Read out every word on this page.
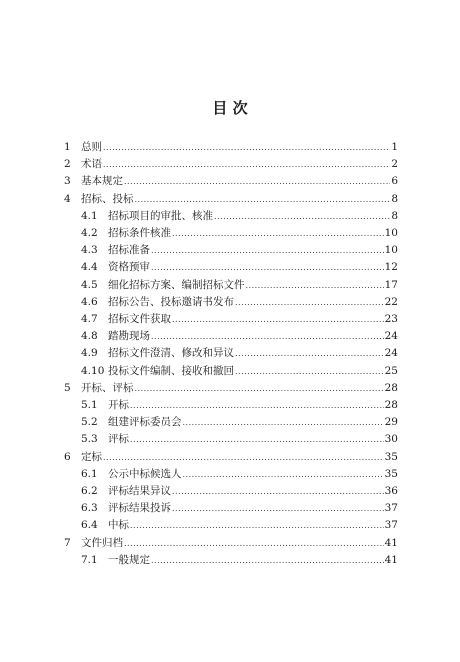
目 次
1 总则 .....	1
2 术语 .....	2
3 基本规定 .....	6
4 招标、投标 .....	8
4.1 招标项目的审批、核准 .....	8
4.2 招标条件核准 .....	10
4.3 招标准备 .....	10
4.4 资格预审 .....	12
4.5 细化招标方案、编制招标文件 .....	17
4.6 招标公告、投标邀请书发布 .....	22
4.7 招标文件获取 .....	23
4.8 踏勘现场 .....	24
4.9 招标文件澄清、修改和异议 .....	24
4.10 投标文件编制、接收和撤回 .....	25
5 开标、评标 .....	28
5.1 开标 .....	28
5.2 组建评标委员会 .....	29
5.3 评标 .....	30
6 定标 .....	35
6.1 公示中标候选人 .....	35
6.2 评标结果异议 .....	36
6.3 评标结果投诉 .....	37
6.4 中标 .....	37
7 文件归档 .....	41
7.1 一般规定 .....	41
